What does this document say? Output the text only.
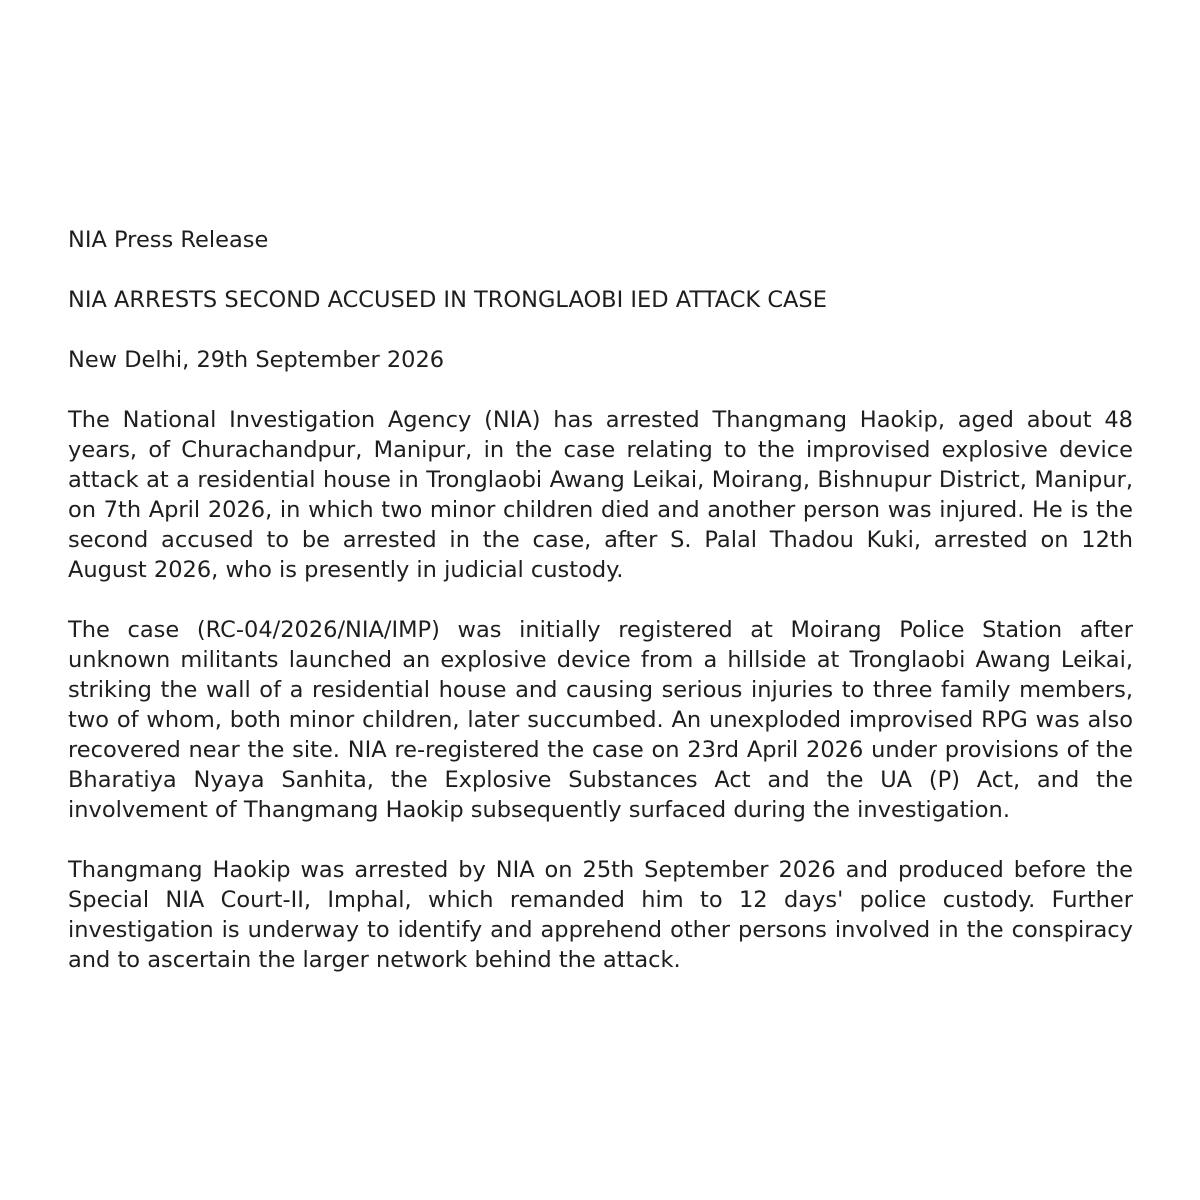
NIA Press Release

NIA ARRESTS SECOND ACCUSED IN TRONGLAOBI IED ATTACK CASE

New Delhi, 29th September 2026

The National Investigation Agency (NIA) has arrested Thangmang Haokip, aged about 48 years, of Churachandpur, Manipur, in the case relating to the improvised explosive device attack at a residential house in Tronglaobi Awang Leikai, Moirang, Bishnupur District, Manipur, on 7th April 2026, in which two minor children died and another person was injured. He is the second accused to be arrested in the case, after S. Palal Thadou Kuki, arrested on 12th August 2026, who is presently in judicial custody.

The case (RC-04/2026/NIA/IMP) was initially registered at Moirang Police Station after unknown militants launched an explosive device from a hillside at Tronglaobi Awang Leikai, striking the wall of a residential house and causing serious injuries to three family members, two of whom, both minor children, later succumbed. An unexploded improvised RPG was also recovered near the site. NIA re-registered the case on 23rd April 2026 under provisions of the Bharatiya Nyaya Sanhita, the Explosive Substances Act and the UA (P) Act, and the involvement of Thangmang Haokip subsequently surfaced during the investigation.

Thangmang Haokip was arrested by NIA on 25th September 2026 and produced before the Special NIA Court-II, Imphal, which remanded him to 12 days' police custody. Further investigation is underway to identify and apprehend other persons involved in the conspiracy and to ascertain the larger network behind the attack.
